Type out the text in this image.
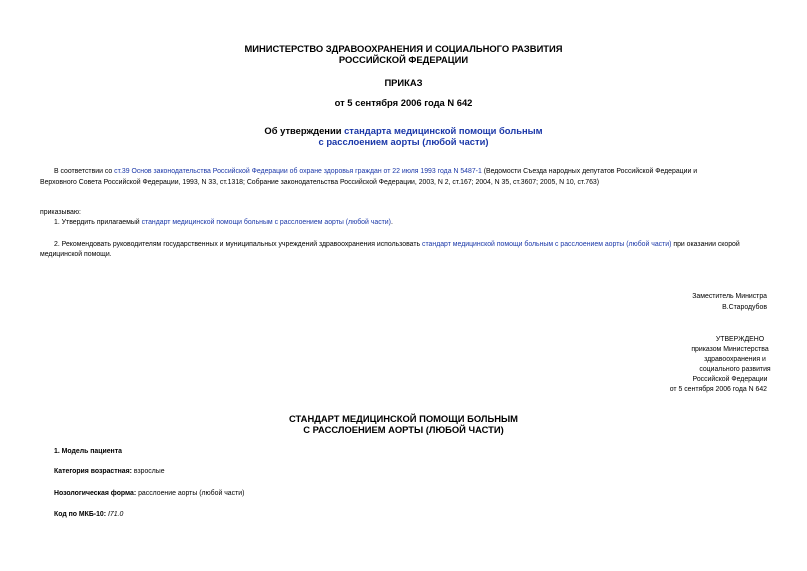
МИНИСТЕРСТВО ЗДРАВООХРАНЕНИЯ И СОЦИАЛЬНОГО РАЗВИТИЯ
РОССИЙСКОЙ ФЕДЕРАЦИИ
ПРИКАЗ
от 5 сентября 2006 года N 642
Об утверждении стандарта медицинской помощи больным
с расслоением аорты (любой части)
В соответствии со ст.39 Основ законодательства Российской Федерации об охране здоровья граждан от 22 июля 1993 года N 5487-1 (Ведомости Съезда народных депутатов Российской Федерации и
Верховного Совета Российской Федерации, 1993, N 33, ст.1318; Собрание законодательства Российской Федерации, 2003, N 2, ст.167; 2004, N 35, ст.3607; 2005, N 10, ст.763)
приказываю:
1. Утвердить прилагаемый стандарт медицинской помощи больным с расслоением аорты (любой части).
2. Рекомендовать руководителям государственных и муниципальных учреждений здравоохранения использовать стандарт медицинской помощи больным с расслоением аорты (любой части) при оказании скорой
медицинской помощи.
Заместитель Министра
В.Стародубов
УТВЕРЖДЕНО
приказом Министерства
здравоохранения и
социального развития
Российской Федерации
от 5 сентября 2006 года N 642
СТАНДАРТ МЕДИЦИНСКОЙ ПОМОЩИ БОЛЬНЫМ
С РАССЛОЕНИЕМ АОРТЫ (ЛЮБОЙ ЧАСТИ)
1. Модель пациента
Категория возрастная: взрослые
Нозологическая форма: расслоение аорты (любой части)
Код по МКБ-10: I71.0
